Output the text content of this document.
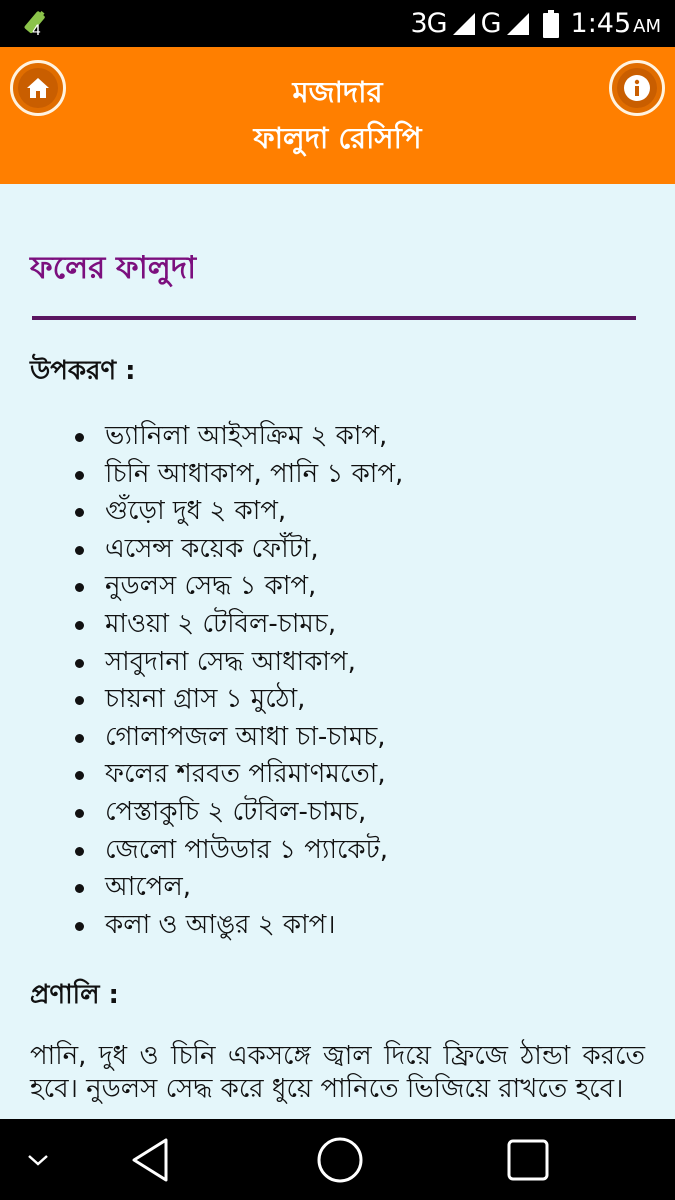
4	3G G	1:45 AM
মজাদার
ফালুদা রেসিপি
ফলের ফালুদা
উপকরণ :
ভ্যানিলা আইসক্রিম ২ কাপ,
চিনি আধাকাপ, পানি ১ কাপ,
গুঁড়ো দুধ ২ কাপ,
এসেন্স কয়েক ফোঁটা,
নুডলস সেদ্ধ ১ কাপ,
মাওয়া ২ টেবিল-চামচ,
সাবুদানা সেদ্ধ আধাকাপ,
চায়না গ্রাস ১ মুঠো,
গোলাপজল আধা চা-চামচ,
ফলের শরবত পরিমাণমতো,
পেস্তাকুচি ২ টেবিল-চামচ,
জেলো পাউডার ১ প্যাকেট,
আপেল,
কলা ও আঙুর ২ কাপ।
প্রণালি :
পানি, দুধ ও চিনি একসঙ্গে জ্বাল দিয়ে ফ্রিজে ঠান্ডা করতে হবে। নুডলস সেদ্ধ করে ধুয়ে পানিতে ভিজিয়ে রাখতে হবে।
